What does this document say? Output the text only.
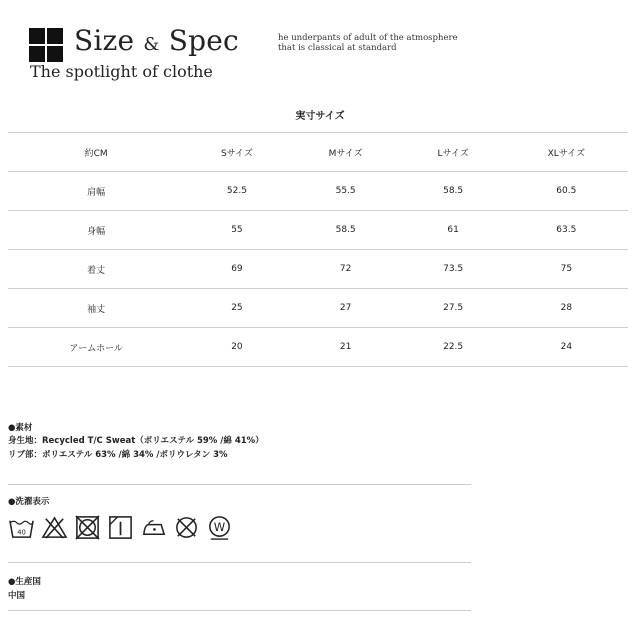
Size & Spec
The spotlight of clothe
he underpants of adult of the atmosphere
that is classical at standard
実寸サイズ
約CM	Sサイズ	Mサイズ	Lサイズ	XLサイズ
肩幅	52.5	55.5	58.5	60.5
身幅	55	58.5	61	63.5
着丈	69	72	73.5	75
袖丈	25	27	27.5	28
アームホール	20	21	22.5	24
●素材
身生地：Recycled T/C Sweat（ポリエステル 59% /綿 41%）
リブ部：ポリエステル 63% /綿 34% /ポリウレタン 3%
●洗濯表示
40	W
●生産国
中国
